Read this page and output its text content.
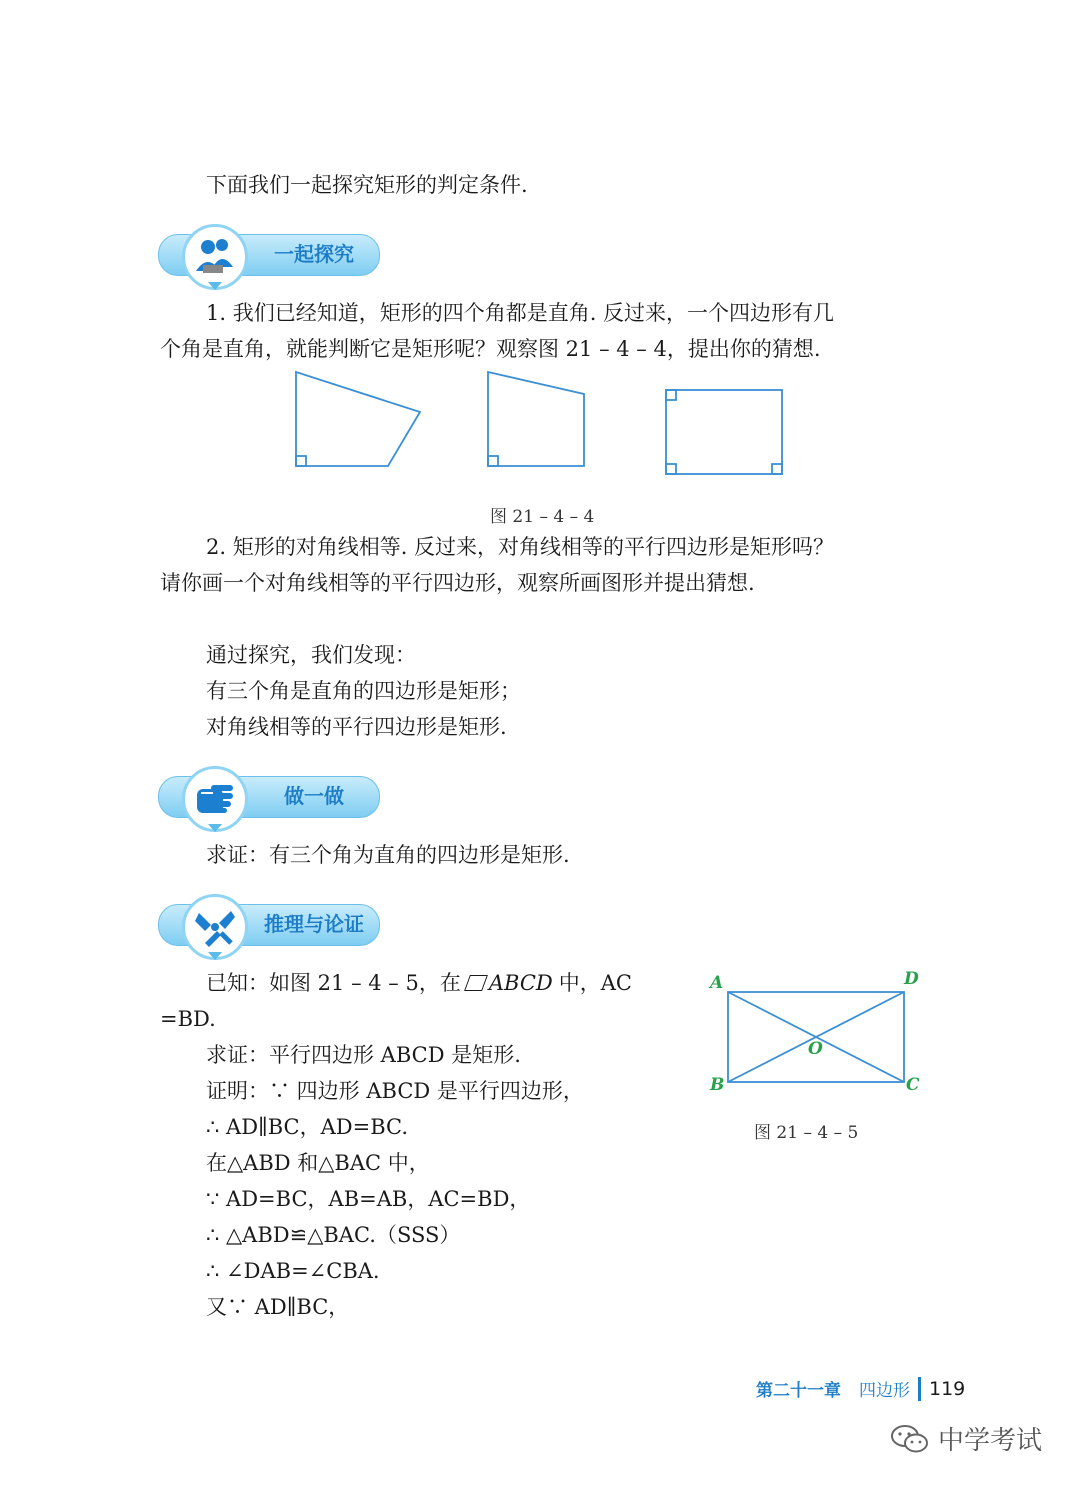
下面我们一起探究矩形的判定条件.
一起探究
1. 我们已经知道，矩形的四个角都是直角. 反过来，一个四边形有几
个角是直角，就能判断它是矩形呢？观察图 21 – 4 – 4，提出你的猜想.
图 21 – 4 – 4
2. 矩形的对角线相等. 反过来，对角线相等的平行四边形是矩形吗？
请你画一个对角线相等的平行四边形，观察所画图形并提出猜想.
通过探究，我们发现：
有三个角是直角的四边形是矩形；
对角线相等的平行四边形是矩形.
做一做
求证：有三个角为直角的四边形是矩形.
推理与论证
已知：如图 21 – 4 – 5，在 ABCD 中，AC
=BD.
求证：平行四边形 ABCD 是矩形.
证明：∵ 四边形 ABCD 是平行四边形，
∴ AD∥BC，AD=BC.
在△ABD 和△BAC 中，
∵ AD=BC，AB=AB，AC=BD，
∴ △ABD≌△BAC.（SSS）
∴ ∠DAB=∠CBA.
又∵ AD∥BC，
A	D
B	C
O
图 21 – 4 – 5
第二十一章 四边形 119
中学考试
